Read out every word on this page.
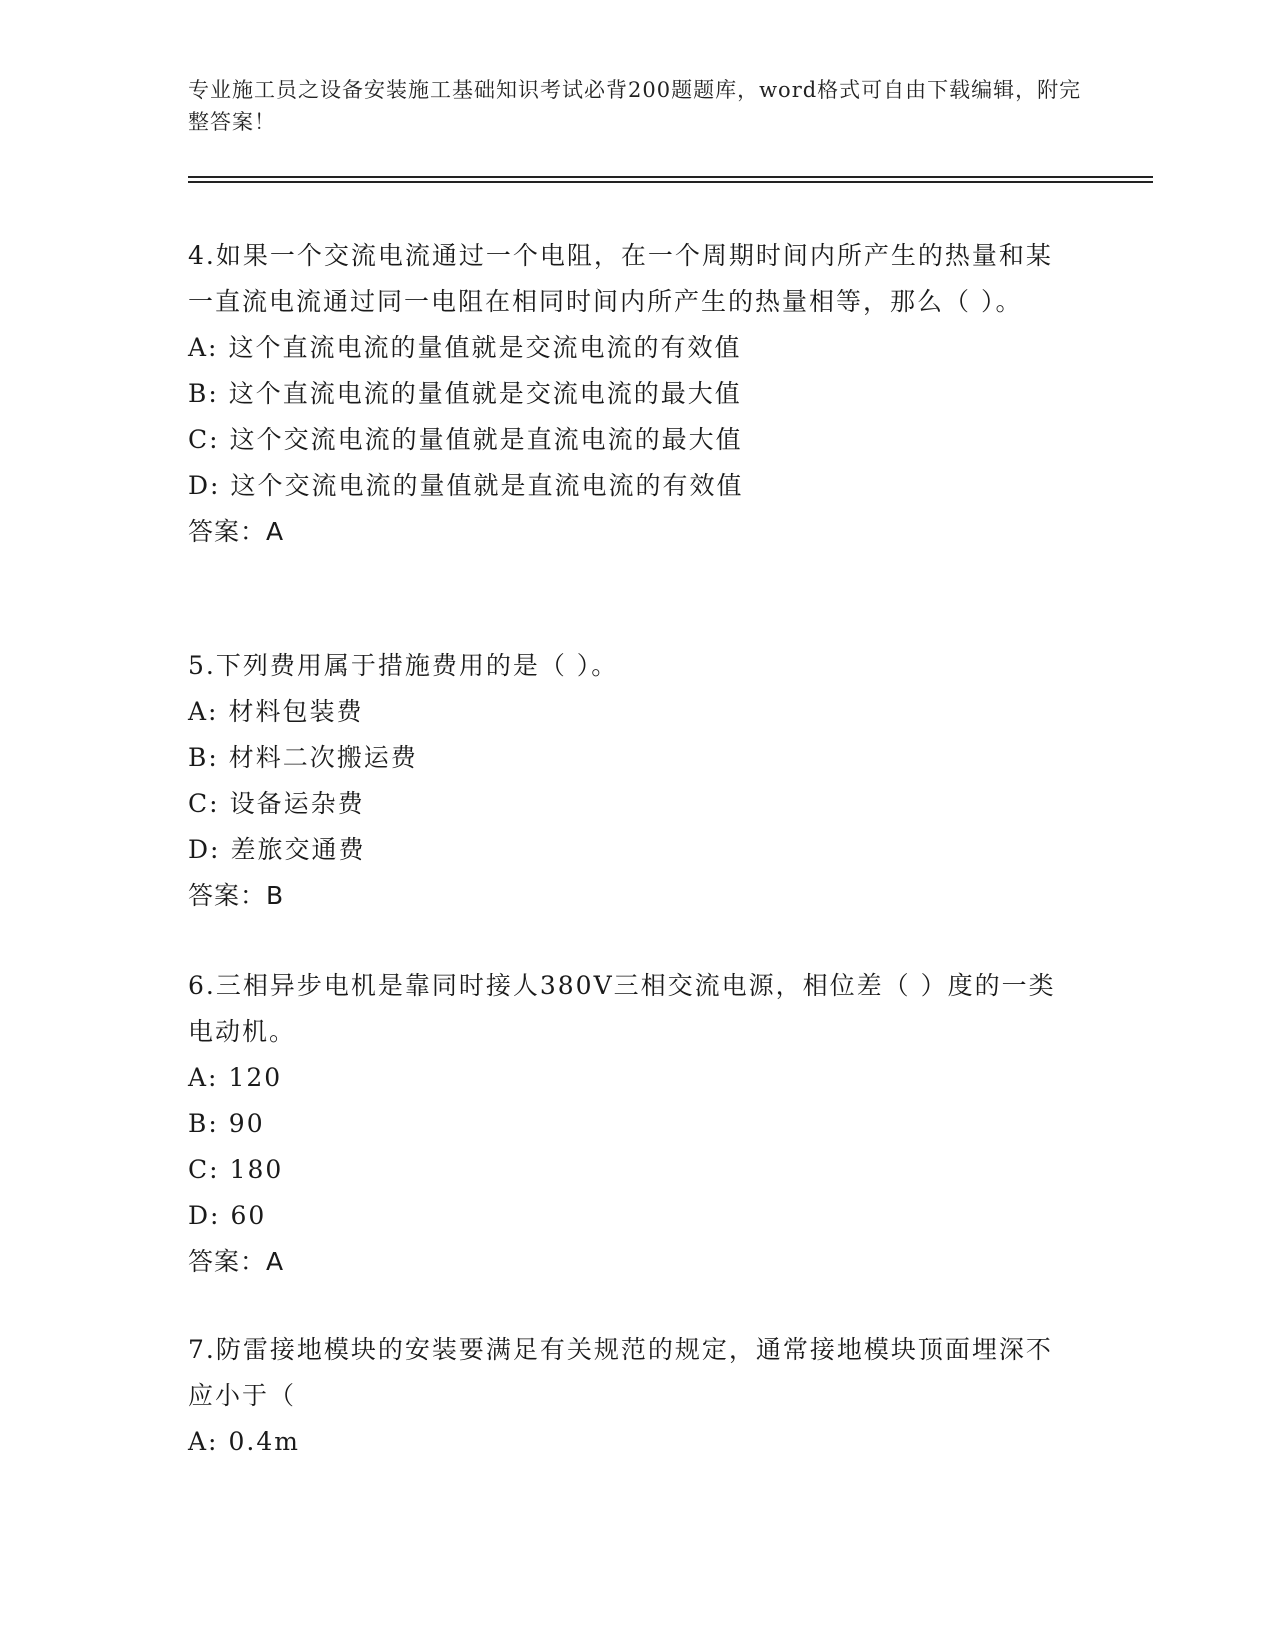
专业施工员之设备安装施工基础知识考试必背200题题库，word格式可自由下载编辑，附完整答案！

4.如果一个交流电流通过一个电阻，在一个周期时间内所产生的热量和某一直流电流通过同一电阻在相同时间内所产生的热量相等，那么（ ）。

A: 这个直流电流的量值就是交流电流的有效值

B: 这个直流电流的量值就是交流电流的最大值

C: 这个交流电流的量值就是直流电流的最大值

D: 这个交流电流的量值就是直流电流的有效值

答案：A

5.下列费用属于措施费用的是（ ）。

A: 材料包装费

B: 材料二次搬运费

C: 设备运杂费

D: 差旅交通费

答案：B

6.三相异步电机是靠同时接人380V三相交流电源，相位差（ ）度的一类电动机。

A: 120

B: 90

C: 180

D: 60

答案：A

7.防雷接地模块的安装要满足有关规范的规定，通常接地模块顶面埋深不应小于（

A: 0.4m
